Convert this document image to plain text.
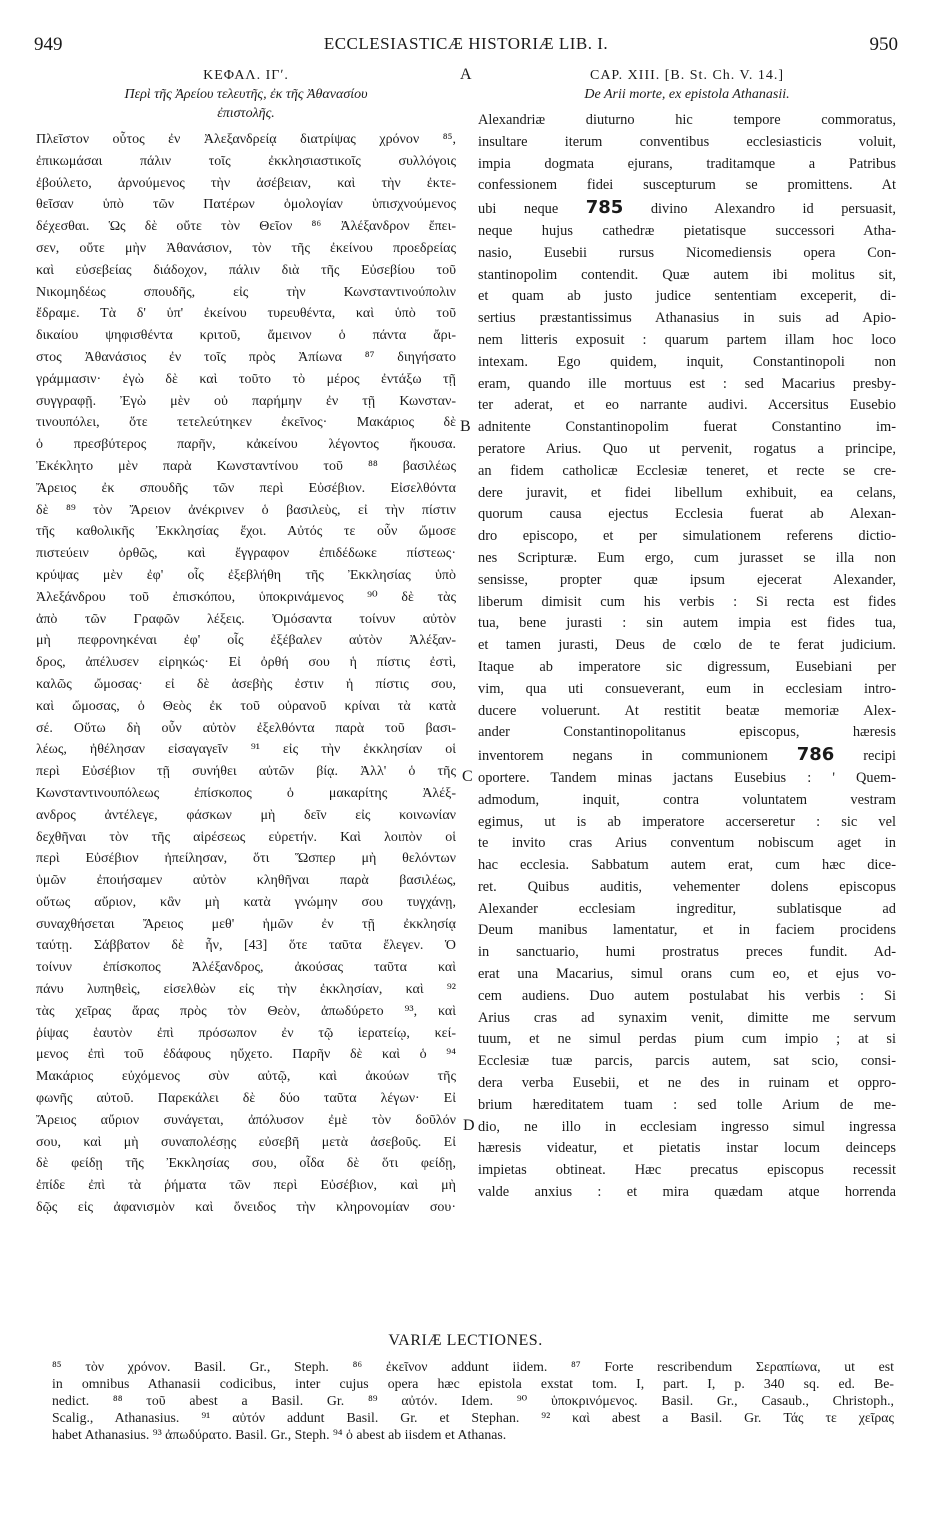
949	ECCLESIASTICÆ HISTORIÆ LIB. I.	950
A
B
C
D
ΚΕΦΑΛ. ΙΓʹ.
Περὶ τῆς Ἀρείου τελευτῆς, ἐκ τῆς Ἀθανασίου
ἐπιστολῆς.
Πλεῖστον οὗτος ἐν Ἀλεξανδρείᾳ διατρίψας χρόνον ⁸⁵,
ἐπικωμάσαι πάλιν τοῖς ἐκκλησιαστικοῖς συλλόγοις
ἐβούλετο, ἀρνούμενος τὴν ἀσέβειαν, καὶ τὴν ἐκτε-
θεῖσαν ὑπὸ τῶν Πατέρων ὁμολογίαν ὑπισχνούμενος
δέχεσθαι. Ὡς δὲ οὔτε τὸν Θεῖον ⁸⁶ Ἀλέξανδρον ἔπει-
σεν, οὔτε μὴν Ἀθανάσιον, τὸν τῆς ἐκείνου προεδρείας
καὶ εὐσεβείας διάδοχον, πάλιν διὰ τῆς Εὐσεβίου τοῦ
Νικομηδέως σπουδῆς, εἰς τὴν Κωνσταντινούπολιν
ἔδραμε. Τὰ δ' ὑπ' ἐκείνου τυρευθέντα, καὶ ὑπὸ τοῦ
δικαίου ψηφισθέντα κριτοῦ, ἄμεινον ὁ πάντα ἄρι-
στος Ἀθανάσιος ἐν τοῖς πρὸς Ἀπίωνα ⁸⁷ διηγήσατο
γράμμασιν· ἐγὼ δὲ καὶ τοῦτο τὸ μέρος ἐντάξω τῇ
συγγραφῇ. Ἐγὼ μὲν οὐ παρήμην ἐν τῇ Κωνσταν-
τινουπόλει, ὅτε τετελεύτηκεν ἐκεῖνος· Μακάριος δὲ
ὁ πρεσβύτερος παρῆν, κἀκείνου λέγοντος ἤκουσα.
Ἐκέκλητο μὲν παρὰ Κωνσταντίνου τοῦ ⁸⁸ βασιλέως
Ἄρειος ἐκ σπουδῆς τῶν περὶ Εὐσέβιον. Εἰσελθόντα
δὲ ⁸⁹ τὸν Ἄρειον ἀνέκρινεν ὁ βασιλεὺς, εἰ τὴν πίστιν
τῆς καθολικῆς Ἐκκλησίας ἔχοι. Αὐτός τε οὖν ὤμοσε
πιστεύειν ὀρθῶς, καὶ ἔγγραφον ἐπιδέδωκε πίστεως·
κρύψας μὲν ἐφ' οἷς ἐξεβλήθη τῆς Ἐκκλησίας ὑπὸ
Ἀλεξάνδρου τοῦ ἐπισκόπου, ὑποκρινάμενος ⁹⁰ δὲ τὰς
ἀπὸ τῶν Γραφῶν λέξεις. Ὀμόσαντα τοίνυν αὐτὸν
μὴ πεφρονηκέναι ἐφ' οἷς ἐξέβαλεν αὐτὸν Ἀλέξαν-
δρος, ἀπέλυσεν εἰρηκώς· Εἰ ὀρθή σου ἡ πίστις ἐστὶ,
καλῶς ὤμοσας· εἰ δὲ ἀσεβὴς ἐστιν ἡ πίστις σου,
καὶ ὤμοσας, ὁ Θεὸς ἐκ τοῦ οὐρανοῦ κρίναι τὰ κατὰ
σέ. Οὕτω δὴ οὖν αὐτὸν ἐξελθόντα παρὰ τοῦ βασι-
λέως, ἠθέλησαν εἰσαγαγεῖν ⁹¹ εἰς τὴν ἐκκλησίαν οἱ
περὶ Εὐσέβιον τῇ συνήθει αὐτῶν βίᾳ. Ἀλλ' ὁ τῆς
Κωνσταντινουπόλεως ἐπίσκοπος ὁ μακαρίτης Ἀλέξ-
ανδρος ἀντέλεγε, φάσκων μὴ δεῖν εἰς κοινωνίαν
δεχθῆναι τὸν τῆς αἱρέσεως εὑρετήν. Καὶ λοιπὸν οἱ
περὶ Εὐσέβιον ἠπείλησαν, ὅτι Ὥσπερ μὴ θελόντων
ὑμῶν ἐποιήσαμεν αὐτὸν κληθῆναι παρὰ βασιλέως,
οὕτως αὔριον, κἂν μὴ κατὰ γνώμην σου τυγχάνῃ,
συναχθήσεται Ἄρειος μεθ' ἡμῶν ἐν τῇ ἐκκλησίᾳ
ταύτῃ. Σάββατον δὲ ἦν, [43] ὅτε ταῦτα ἔλεγεν. Ὁ
τοίνυν ἐπίσκοπος Ἀλέξανδρος, ἀκούσας ταῦτα καὶ
πάνυ λυπηθεὶς, εἰσελθὼν εἰς τὴν ἐκκλησίαν, καὶ ⁹²
τὰς χεῖρας ἄρας πρὸς τὸν Θεὸν, ἀπωδύρετο ⁹³, καὶ
ῥίψας ἑαυτὸν ἐπὶ πρόσωπον ἐν τῷ ἱερατείῳ, κεί-
μενος ἐπὶ τοῦ ἐδάφους ηὔχετο. Παρῆν δὲ καὶ ὁ ⁹⁴
Μακάριος εὐχόμενος σὺν αὐτῷ, καὶ ἀκούων τῆς
φωνῆς αὐτοῦ. Παρεκάλει δὲ δύο ταῦτα λέγων· Εἰ
Ἄρειος αὔριον συνάγεται, ἀπόλυσον ἐμὲ τὸν δοῦλόν
σου, καὶ μὴ συναπολέσῃς εὐσεβῆ μετὰ ἀσεβοῦς. Εἰ
δὲ φείδῃ τῆς Ἐκκλησίας σου, οἶδα δὲ ὅτι φείδῃ,
ἐπίδε ἐπὶ τὰ ῥήματα τῶν περὶ Εὐσέβιον, καὶ μὴ
δῷς εἰς ἀφανισμὸν καὶ ὄνειδος τὴν κληρονομίαν σου·
CAP. XIII. [B. St. Ch. V. 14.]
De Arii morte, ex epistola Athanasii.
Alexandriæ diuturno hic tempore commoratus,
insultare iterum conventibus ecclesiasticis voluit,
impia dogmata ejurans, traditamque a Patribus
confessionem fidei suscepturum se promittens. At
ubi neque 785 divino Alexandro id persuasit,
neque hujus cathedræ pietatisque successori Atha-
nasio, Eusebii rursus Nicomediensis opera Con-
stantinopolim contendit. Quæ autem ibi molitus sit,
et quam ab justo judice sententiam exceperit, di-
sertius præstantissimus Athanasius in suis ad Apio-
nem litteris exposuit : quarum partem illam hoc loco
intexam. Ego quidem, inquit, Constantinopoli non
eram, quando ille mortuus est : sed Macarius presby-
ter aderat, et eo narrante audivi. Accersitus Eusebio
adnitente Constantinopolim fuerat Constantino im-
peratore Arius. Quo ut pervenit, rogatus a principe,
an fidem catholicæ Ecclesiæ teneret, et recte se cre-
dere juravit, et fidei libellum exhibuit, ea celans,
quorum causa ejectus Ecclesia fuerat ab Alexan-
dro episcopo, et per simulationem referens dictio-
nes Scripturæ. Eum ergo, cum jurasset se illa non
sensisse, propter quæ ipsum ejecerat Alexander,
liberum dimisit cum his verbis : Si recta est fides
tua, bene jurasti : sin autem impia est fides tua,
et tamen jurasti, Deus de cœlo de te ferat judicium.
Itaque ab imperatore sic digressum, Eusebiani per
vim, qua uti consueverant, eum in ecclesiam intro-
ducere voluerunt. At restitit beatæ memoriæ Alex-
ander Constantinopolitanus episcopus, hæresis
inventorem negans in communionem 786 recipi
oportere. Tandem minas jactans Eusebius : ' Quem-
admodum, inquit, contra voluntatem vestram
egimus, ut is ab imperatore accerseretur : sic vel
te invito cras Arius conventum nobiscum aget in
hac ecclesia. Sabbatum autem erat, cum hæc dice-
ret. Quibus auditis, vehementer dolens episcopus
Alexander ecclesiam ingreditur, sublatisque ad
Deum manibus lamentatur, et in faciem procidens
in sanctuario, humi prostratus preces fundit. Ad-
erat una Macarius, simul orans cum eo, et ejus vo-
cem audiens. Duo autem postulabat his verbis : Si
Arius cras ad synaxim venit, dimitte me servum
tuum, et ne simul perdas pium cum impio ; at si
Ecclesiæ tuæ parcis, parcis autem, sat scio, consi-
dera verba Eusebii, et ne des in ruinam et oppro-
brium hæreditatem tuam : sed tolle Arium de me-
dio, ne illo in ecclesiam ingresso simul ingressa
hæresis videatur, et pietatis instar locum deinceps
impietas obtineat. Hæc precatus episcopus recessit
valde anxius : et mira quædam atque horrenda
VARIÆ LECTIONES.
⁸⁵ τὸν χρόνον. Basil. Gr., Steph. ⁸⁶ ἐκεῖνον addunt iidem. ⁸⁷ Forte rescribendum Σεραπίωνα, ut est
in omnibus Athanasii codicibus, inter cujus opera hæc epistola exstat tom. I, part. I, p. 340 sq. ed. Be-
nedict. ⁸⁸ τοῦ abest a Basil. Gr. ⁸⁹ αὐτόν. Idem. ⁹⁰ ὑποκρινόμενος. Basil. Gr., Casaub., Christoph.,
Scalig., Athanasius. ⁹¹ αὐτόν addunt Basil. Gr. et Stephan. ⁹² καὶ abest a Basil. Gr. Τάς τε χεῖρας
habet Athanasius. ⁹³ ἀπωδύρατο. Basil. Gr., Steph. ⁹⁴ ὁ abest ab iisdem et Athanas.
